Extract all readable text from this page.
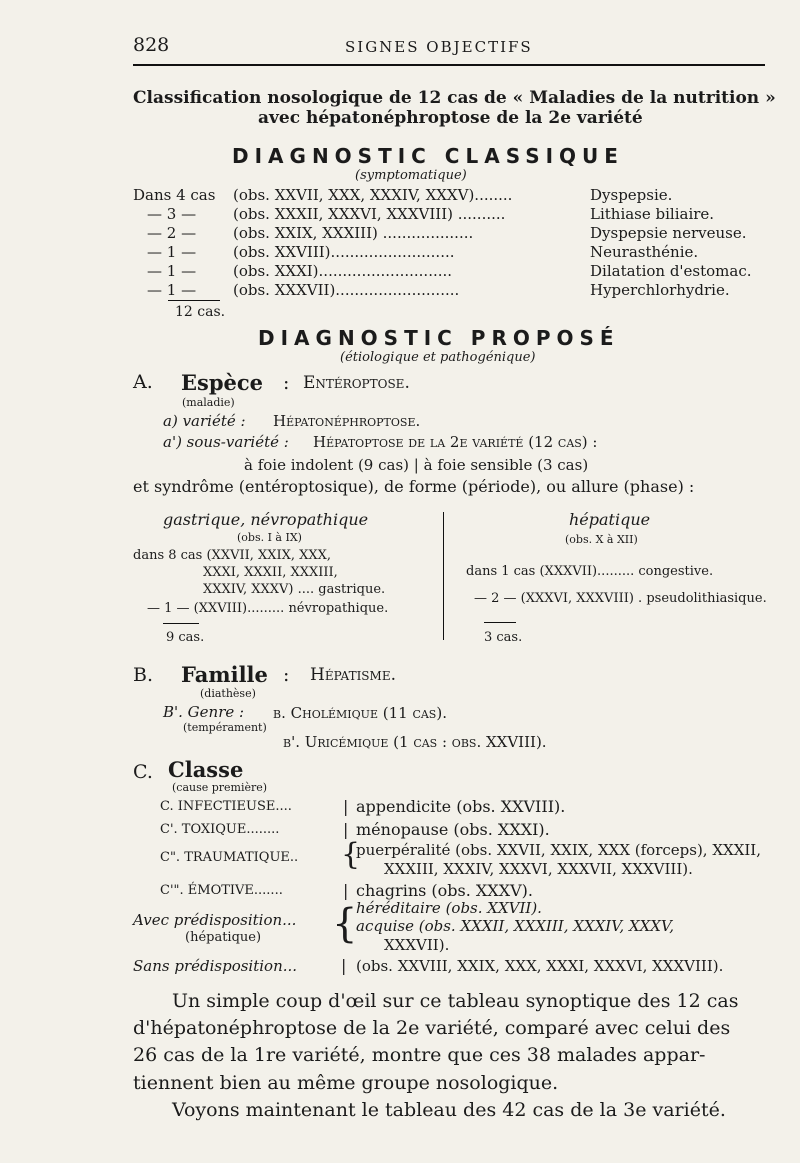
828	SIGNES OBJECTIFS
Classification nosologique de 12 cas de « Maladies de la nutrition »
avec hépatonéphroptose de la 2e variété
DIAGNOSTIC CLASSIQUE
(symptomatique)
Dans 4 cas (obs. XXVII, XXX, XXXIV, XXXV)........	Dyspepsie.
— 3 — (obs. XXXII, XXXVI, XXXVIII) ..........	Lithiase biliaire.
— 2 — (obs. XXIX, XXXIII) ...................	Dyspepsie nerveuse.
— 1 — (obs. XXVIII)..........................	Neurasthénie.
— 1 — (obs. XXXI)............................	Dilatation d'estomac.
— 1 — (obs. XXXVII)..........................	Hyperchlorhydrie.
12 cas.
DIAGNOSTIC PROPOSÉ
(étiologique et pathogénique)
A. Espèce : Entéroptose.
(maladie)
a) variété : Hépatonéphroptose.
a') sous-variété : Hépatoptose de la 2e variété (12 cas) :
à foie indolent (9 cas) | à foie sensible (3 cas)
et syndrôme (entéroptosique), de forme (période), ou allure (phase) :
gastrique, névropathique
(obs. I à IX)
dans 8 cas (XXVII, XXIX, XXX,
XXXI, XXXII, XXXIII,
XXXIV, XXXV) .... gastrique.
— 1 — (XXVIII)......... névropathique.
9 cas.
hépatique
(obs. X à XII)
dans 1 cas (XXXVII)......... congestive.
— 2 — (XXXVI, XXXVIII) . pseudolithiasique.
3 cas.
B. Famille : Hépatisme.
(diathèse)
B'. Genre :
(tempérament)
b. Cholémique (11 cas).
b'. Uricémique (1 cas : obs. XXVIII).
C. Classe
(cause première)
C. INFECTIEUSE....	| appendicite (obs. XXVIII).
C'. TOXIQUE........	| ménopause (obs. XXXI).
C". TRAUMATIQUE.. {
puerpéralité (obs. XXVII, XXIX, XXX (forceps), XXXII,
XXXIII, XXXIV, XXXVI, XXXVII, XXXVIII).
C'". ÉMOTIVE.......	| chagrins (obs. XXXV).
Avec prédisposition...
(hépatique) {
héréditaire (obs. XXVII).
acquise (obs. XXXII, XXXIII, XXXIV, XXXV,
XXXVII).
Sans prédisposition...	| (obs. XXVIII, XXIX, XXX, XXXI, XXXVI, XXXVIII).
Un simple coup d'œil sur ce tableau synoptique des 12 cas
d'hépatonéphroptose de la 2e variété, comparé avec celui des
26 cas de la 1re variété, montre que ces 38 malades appar-
tiennent bien au même groupe nosologique.
Voyons maintenant le tableau des 42 cas de la 3e variété.
